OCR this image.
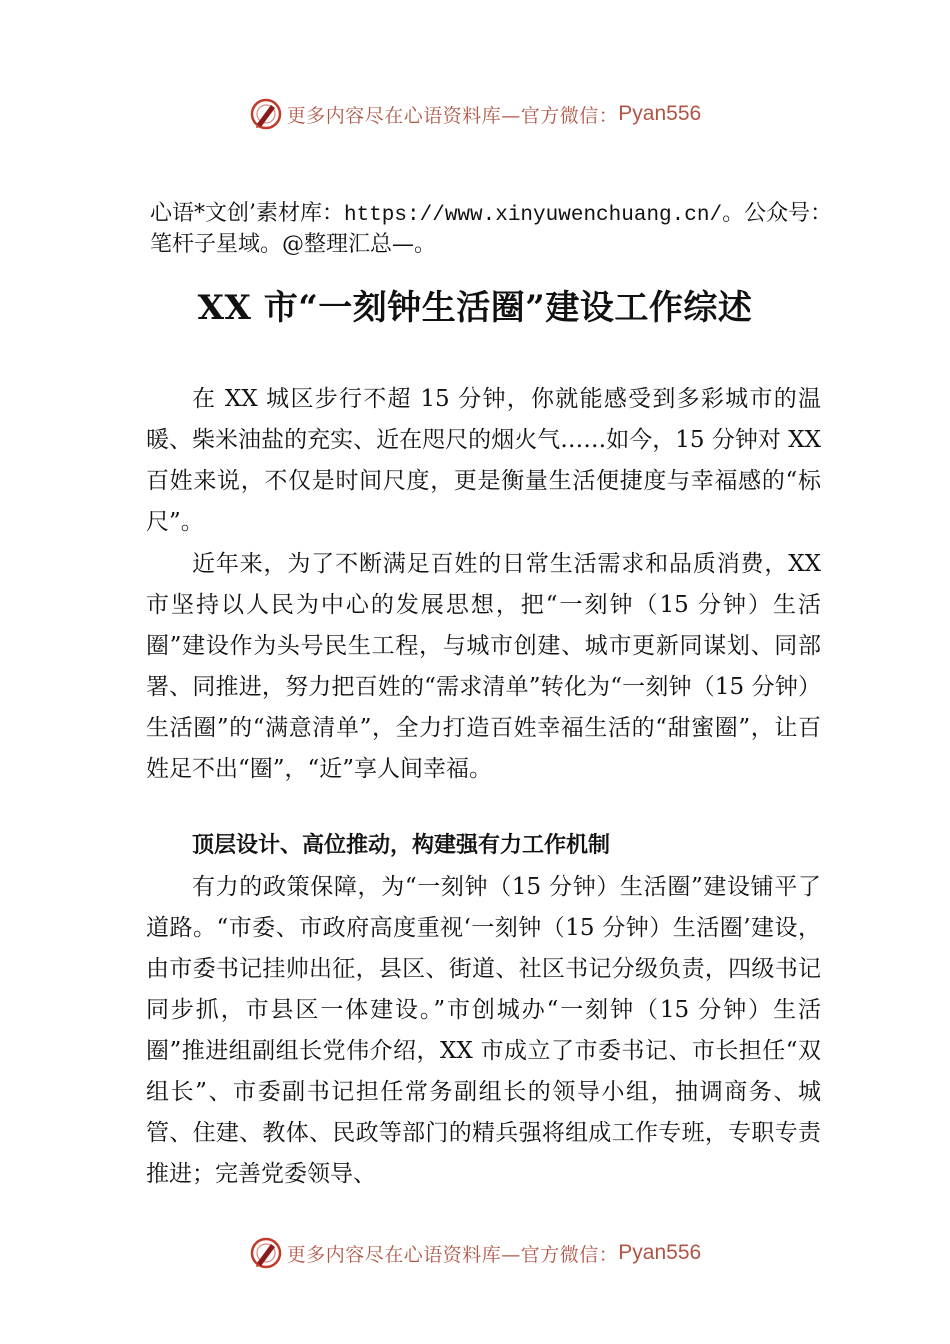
更多内容尽在心语资料库—官方微信： Pyan556

心语*文创’素材库：https://www.xinyuwenchuang.cn/。公众号：笔杆子星域。@整理汇总—。

XX 市“一刻钟生活圈”建设工作综述

在 XX 城区步行不超 15 分钟，你就能感受到多彩城市的温暖、柴米油盐的充实、近在咫尺的烟火气……如今，15 分钟对 XX 百姓来说，不仅是时间尺度，更是衡量生活便捷度与幸福感的“标尺”。

近年来，为了不断满足百姓的日常生活需求和品质消费，XX 市坚持以人民为中心的发展思想，把“一刻钟（15 分钟）生活圈”建设作为头号民生工程，与城市创建、城市更新同谋划、同部署、同推进，努力把百姓的“需求清单”转化为“一刻钟（15 分钟）生活圈”的“满意清单”，全力打造百姓幸福生活的“甜蜜圈”，让百姓足不出“圈”，“近”享人间幸福。

顶层设计、高位推动，构建强有力工作机制

有力的政策保障，为“一刻钟（15 分钟）生活圈”建设铺平了道路。“市委、市政府高度重视‘一刻钟（15 分钟）生活圈’建设，由市委书记挂帅出征，县区、街道、社区书记分级负责，四级书记同步抓，市县区一体建设。”市创城办“一刻钟（15 分钟）生活圈”推进组副组长党伟介绍，XX 市成立了市委书记、市长担任“双组长”、市委副书记担任常务副组长的领导小组，抽调商务、城管、住建、教体、民政等部门的精兵强将组成工作专班，专职专责推进；完善党委领导、

更多内容尽在心语资料库—官方微信： Pyan556
